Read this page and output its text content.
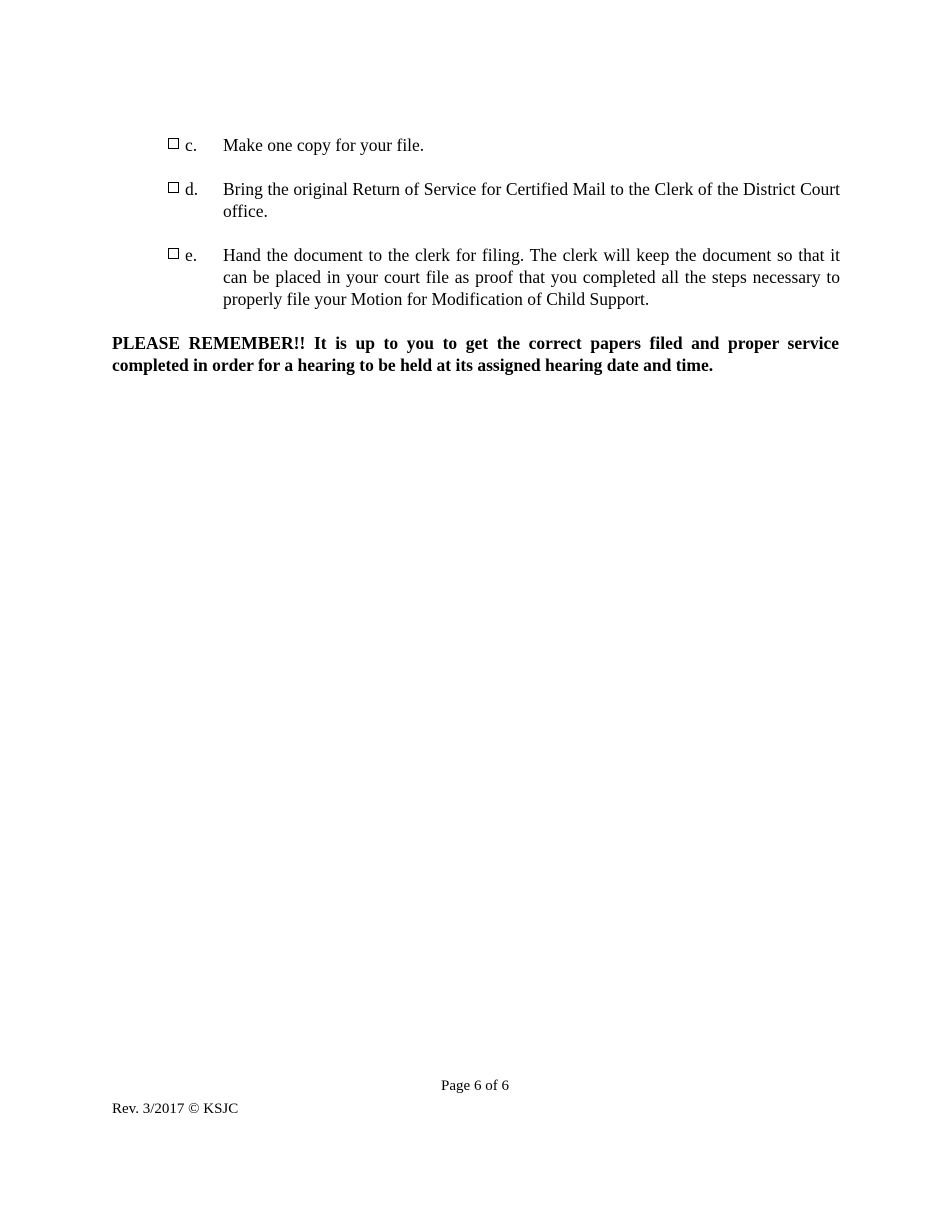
c. Make one copy for your file.
d. Bring the original Return of Service for Certified Mail to the Clerk of the District Court office.
e. Hand the document to the clerk for filing. The clerk will keep the document so that it can be placed in your court file as proof that you completed all the steps necessary to properly file your Motion for Modification of Child Support.

PLEASE REMEMBER!! It is up to you to get the correct papers filed and proper service completed in order for a hearing to be held at its assigned hearing date and time.

Page 6 of 6
Rev. 3/2017 © KSJC
